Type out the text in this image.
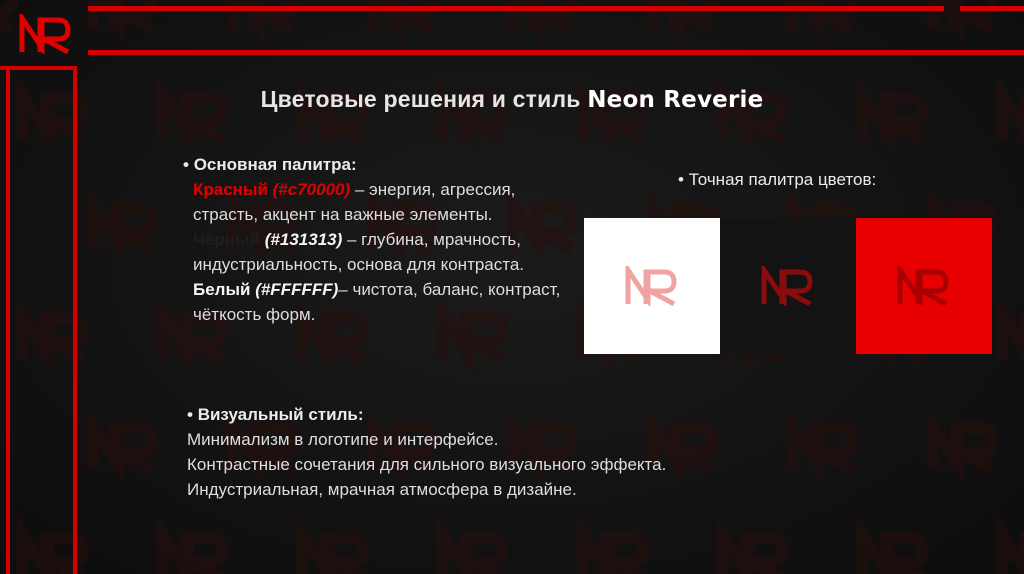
Цветовые решения и стиль Neon Reverie
• Основная палитра:
Красный (#c70000) – энергия, агрессия, страсть, акцент на важные элементы.
Чёрный (#131313) – глубина, мрачность, индустриальность, основа для контраста.
Белый (#FFFFFF)– чистота, баланс, контраст, чёткость форм.
• Визуальный стиль:
Минимализм в логотипе и интерфейсе.
Контрастные сочетания для сильного визуального эффекта.
Индустриальная, мрачная атмосфера в дизайне.
• Точная палитра цветов:
